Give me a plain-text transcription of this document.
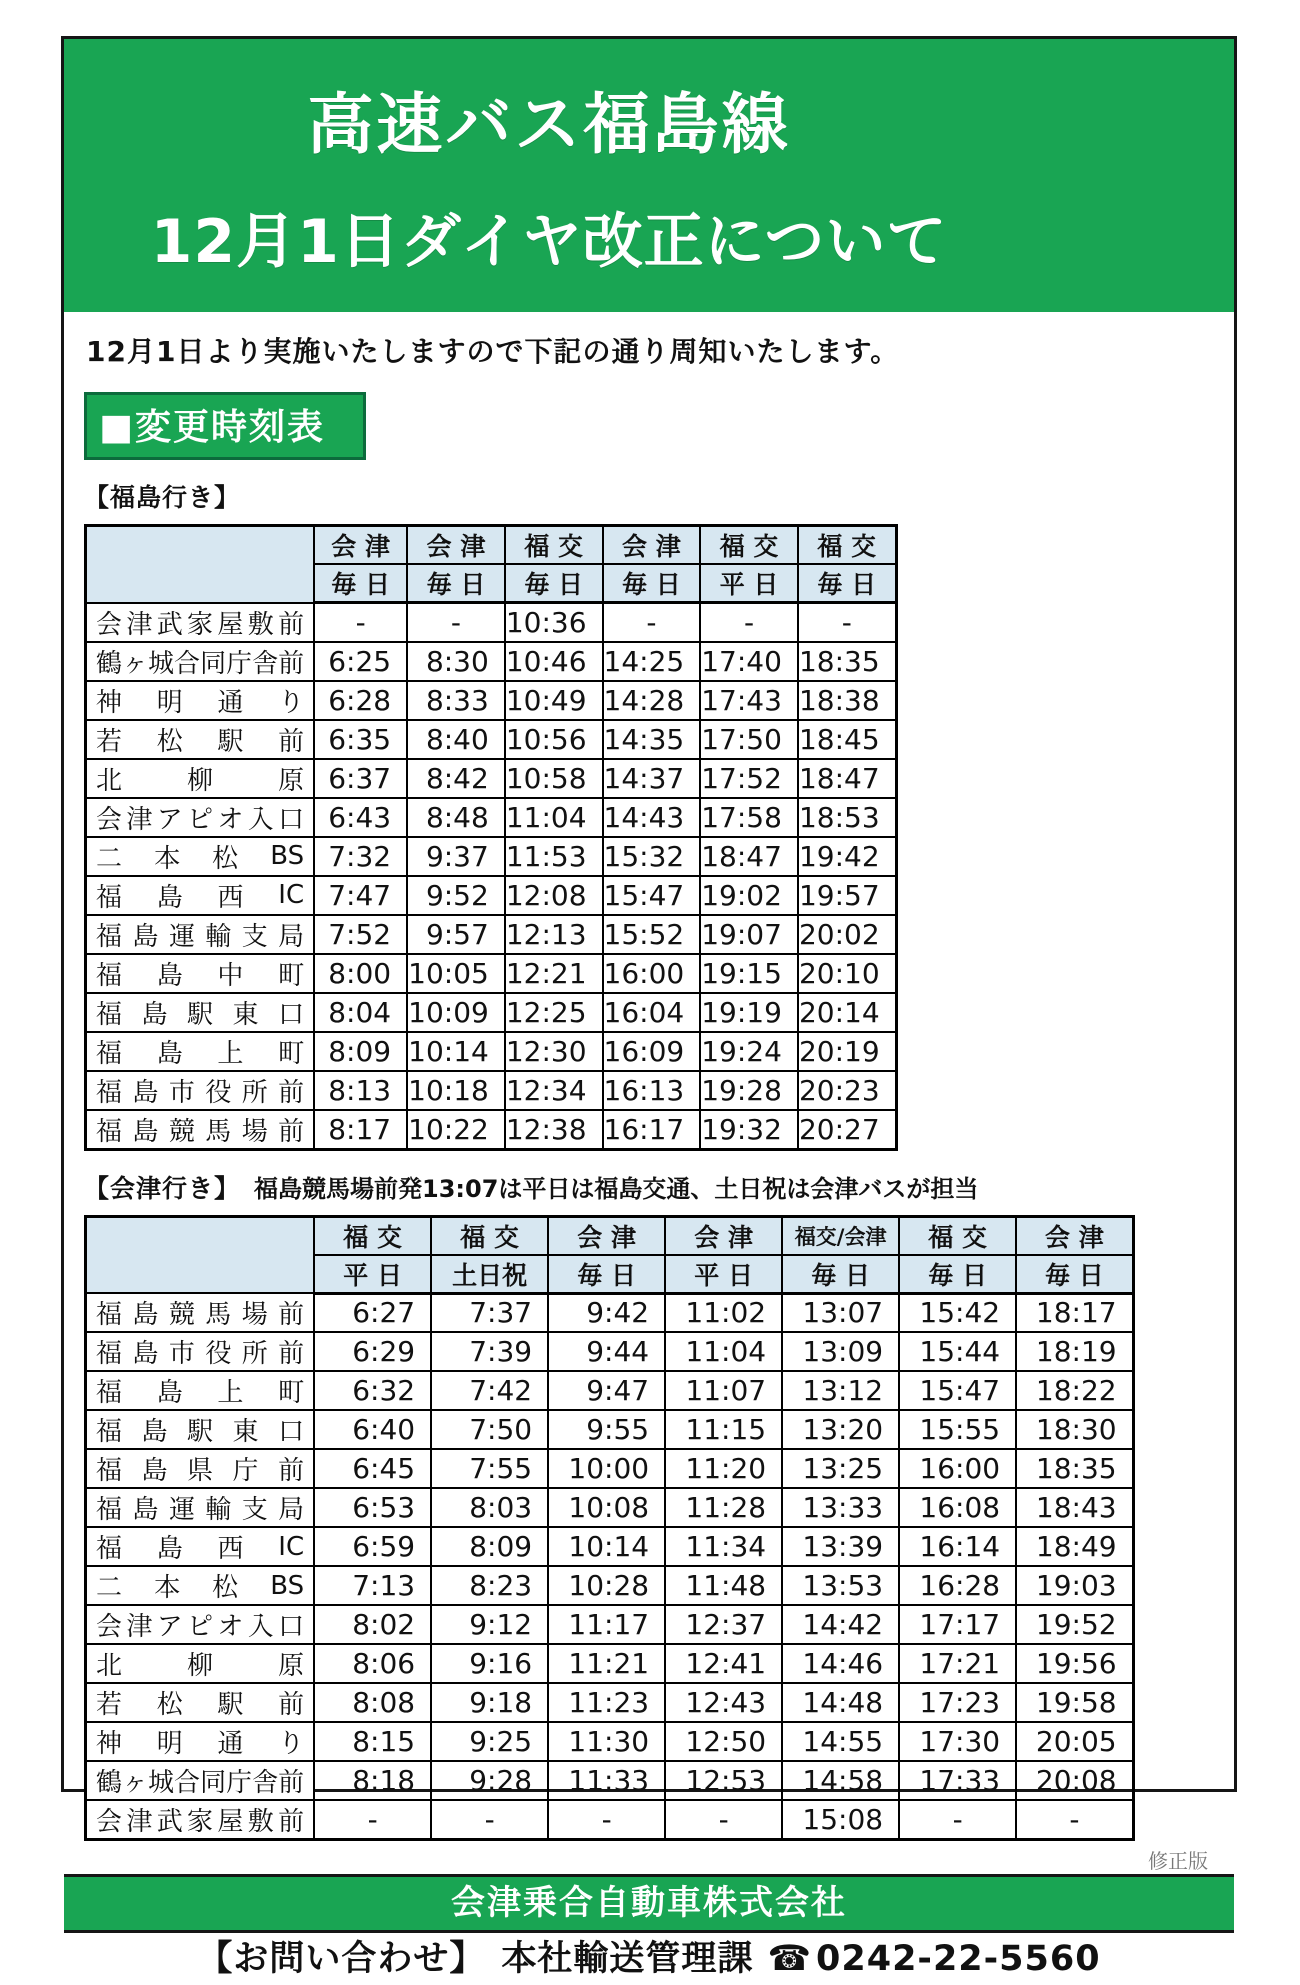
高速バス福島線
12月1日ダイヤ改正について
12月1日より実施いたしますので下記の通り周知いたします。
■変更時刻表
【福島行き】
	会 津	会 津	福 交	会 津	福 交	福 交
	毎 日	毎 日	毎 日	毎 日	平 日	毎 日

会 津 武 家 屋 敷 前	-	-	10:36	-	-	-

鶴 ヶ 城 合 同 庁 舎 前	6:25	8:30	10:46	14:25	17:40	18:35

神 明 通 り	6:28	8:33	10:49	14:28	17:43	18:38

若 松 駅 前	6:35	8:40	10:56	14:35	17:50	18:45

北 柳 原	6:37	8:42	10:58	14:37	17:52	18:47

会 津 ア ピ オ 入 口	6:43	8:48	11:04	14:43	17:58	18:53

二 本 松 BS	7:32	9:37	11:53	15:32	18:47	19:42

福 島 西 IC	7:47	9:52	12:08	15:47	19:02	19:57

福 島 運 輸 支 局	7:52	9:57	12:13	15:52	19:07	20:02

福 島 中 町	8:00	10:05	12:21	16:00	19:15	20:10

福 島 駅 東 口	8:04	10:09	12:25	16:04	19:19	20:14

福 島 上 町	8:09	10:14	12:30	16:09	19:24	20:19

福 島 市 役 所 前	8:13	10:18	12:34	16:13	19:28	20:23

福 島 競 馬 場 前	8:17	10:22	12:38	16:17	19:32	20:27
【会津行き】 福島競馬場前発13:07は平日は福島交通、土日祝は会津バスが担当
	福 交	福 交	会 津	会 津	福交/会津	福 交	会 津
	平 日	土日祝	毎 日	平 日	毎 日	毎 日	毎 日

福 島 競 馬 場 前	6:27	7:37	9:42	11:02	13:07	15:42	18:17

福 島 市 役 所 前	6:29	7:39	9:44	11:04	13:09	15:44	18:19

福 島 上 町	6:32	7:42	9:47	11:07	13:12	15:47	18:22

福 島 駅 東 口	6:40	7:50	9:55	11:15	13:20	15:55	18:30

福 島 県 庁 前	6:45	7:55	10:00	11:20	13:25	16:00	18:35

福 島 運 輸 支 局	6:53	8:03	10:08	11:28	13:33	16:08	18:43

福 島 西 IC	6:59	8:09	10:14	11:34	13:39	16:14	18:49

二 本 松 BS	7:13	8:23	10:28	11:48	13:53	16:28	19:03

会 津 ア ピ オ 入 口	8:02	9:12	11:17	12:37	14:42	17:17	19:52

北 柳 原	8:06	9:16	11:21	12:41	14:46	17:21	19:56

若 松 駅 前	8:08	9:18	11:23	12:43	14:48	17:23	19:58

神 明 通 り	8:15	9:25	11:30	12:50	14:55	17:30	20:05

鶴 ヶ 城 合 同 庁 舎 前	8:18	9:28	11:33	12:53	14:58	17:33	20:08

会 津 武 家 屋 敷 前	-	-	-	-	15:08	-	-
修正版
会津乗合自動車株式会社
【お問い合わせ】 本社輸送管理課 ☎ 0242-22-5560
